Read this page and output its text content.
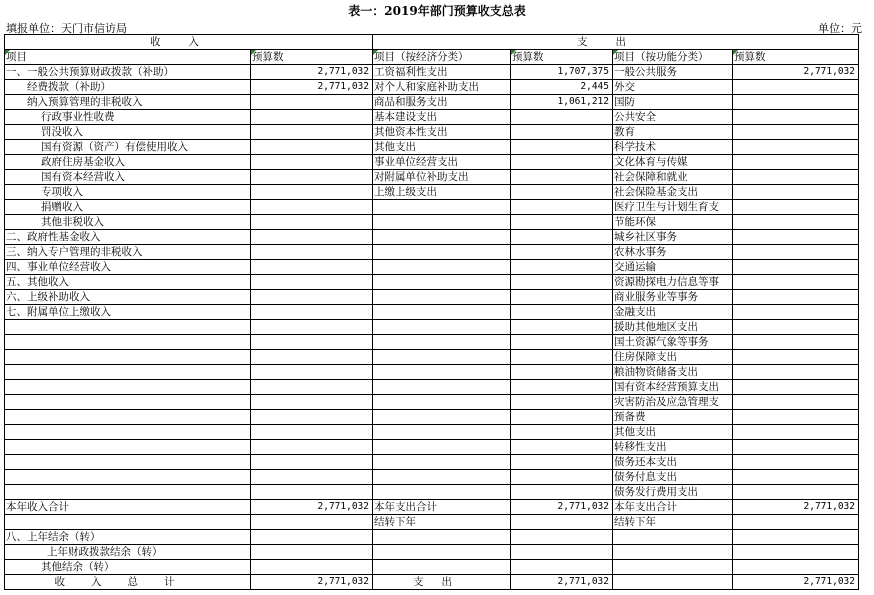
表一：2019年部门预算收支总表
填报单位：天门市信访局	单位：元
收入		支出			
项目	预算数	项目（按经济分类）	预算数	项目（按功能分类）	预算数
一、一般公共预算财政拨款（补助）	2,771,032	工资福利性支出	1,707,375	一般公共服务	2,771,032
经费拨款（补助）	2,771,032	对个人和家庭补助支出	2,445	外交	
纳入预算管理的非税收入		商品和服务支出	1,061,212	国防	
行政事业性收费		基本建设支出		公共安全	
罚没收入		其他资本性支出		教育	
国有资源（资产）有偿使用收入		其他支出		科学技术	
政府住房基金收入		事业单位经营支出		文化体育与传媒	
国有资本经营收入		对附属单位补助支出		社会保障和就业	
专项收入		上缴上级支出		社会保险基金支出	
捐赠收入				医疗卫生与计划生育支	
其他非税收入				节能环保	
二、政府性基金收入				城乡社区事务	
三、纳入专户管理的非税收入				农林水事务	
四、事业单位经营收入				交通运输	
五、其他收入				资源勘探电力信息等事	
六、上级补助收入				商业服务业等事务	
七、附属单位上缴收入				金融支出	
				援助其他地区支出	
				国土资源气象等事务	
				住房保障支出	
				粮油物资储备支出	
				国有资本经营预算支出	
				灾害防治及应急管理支	
				预备费	
				其他支出	
				转移性支出	
				债务还本支出	
				债务付息支出	
				债务发行费用支出	
本年收入合计	2,771,032	本年支出合计	2,771,032	本年支出合计	2,771,032
		结转下年		结转下年	
八、上年结余（转）					
上年财政拨款结余（转）					
其他结余（转）					
收入总计	2,771,032	支出	2,771,032		2,771,032
